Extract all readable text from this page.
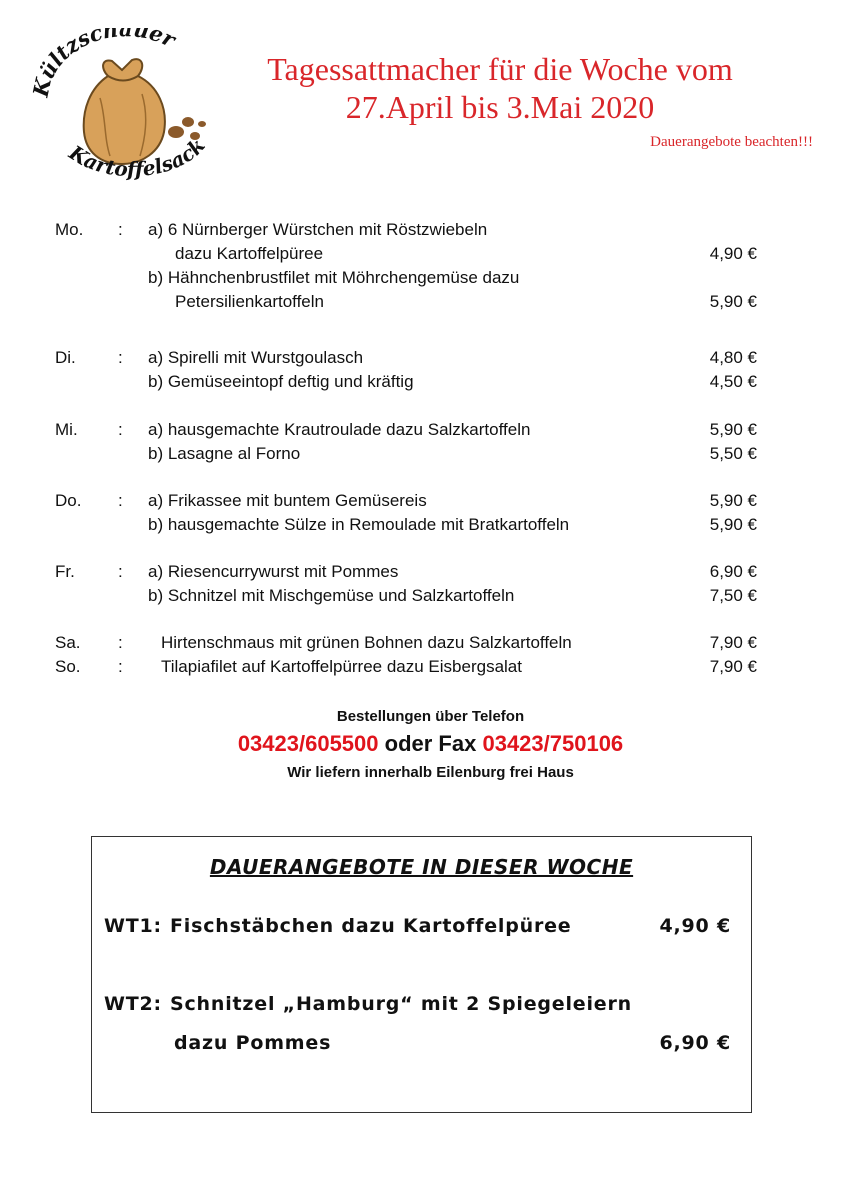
Kültzschauer
Kartoffelsack
Tagessattmacher für die Woche vom
27.April bis 3.Mai 2020
Dauerangebote beachten!!!
Mo. : a) 6 Nürnberger Würstchen mit Röstzwiebeln
dazu Kartoffelpüree	4,90 €
b) Hähnchenbrustfilet mit Möhrchengemüse dazu
Petersilienkartoffeln	5,90 €
Di. : a) Spirelli mit Wurstgoulasch	4,80 €
b) Gemüseeintopf deftig und kräftig	4,50 €
Mi. : a) hausgemachte Krautroulade dazu Salzkartoffeln	5,90 €
b) Lasagne al Forno	5,50 €
Do. : a) Frikassee mit buntem Gemüsereis	5,90 €
b) hausgemachte Sülze in Remoulade mit Bratkartoffeln	5,90 €
Fr.	: a) Riesencurrywurst mit Pommes	6,90 €
b) Schnitzel mit Mischgemüse und Salzkartoffeln	7,50 €
Sa. : Hirtenschmaus mit grünen Bohnen dazu Salzkartoffeln	7,90 €
So. : Tilapiafilet auf Kartoffelpürree dazu Eisbergsalat	7,90 €
Bestellungen über Telefon
03423/605500 oder Fax 03423/750106
Wir liefern innerhalb Eilenburg frei Haus
DAUERANGEBOTE IN DIESER WOCHE
WT1: Fischstäbchen dazu Kartoffelpüree	4,90 €
WT2: Schnitzel „Hamburg“ mit 2 Spiegeleiern
dazu Pommes	6,90 €
